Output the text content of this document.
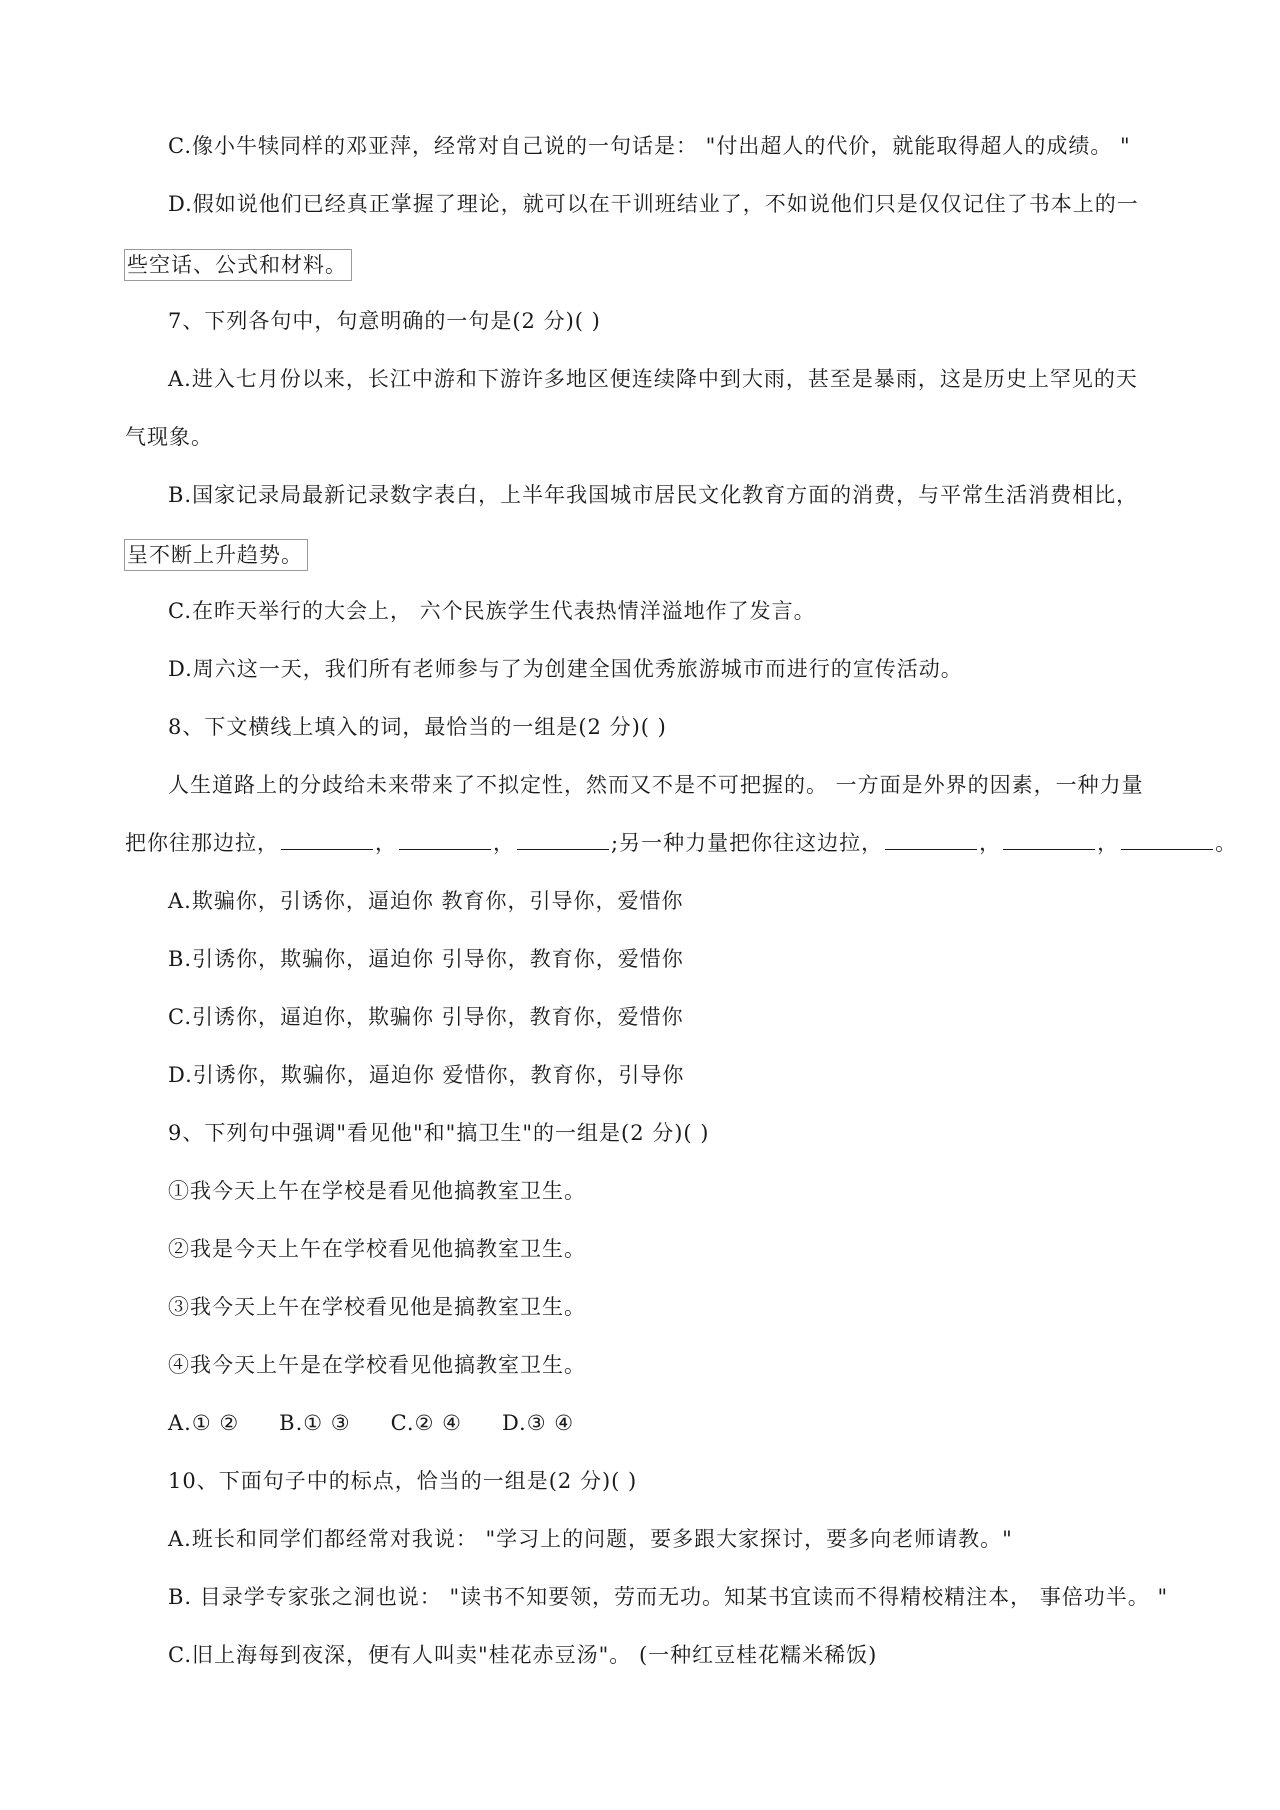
C.像小牛犊同样的邓亚萍，经常对自己说的一句话是： "付出超人的代价，就能取得超人的成绩。 "
D.假如说他们已经真正掌握了理论，就可以在干训班结业了，不如说他们只是仅仅记住了书本上的一
些空话、公式和材料。
7、下列各句中，句意明确的一句是(2 分)( )
A.进入七月份以来，长江中游和下游许多地区便连续降中到大雨，甚至是暴雨，这是历史上罕见的天
气现象。
B.国家记录局最新记录数字表白，上半年我国城市居民文化教育方面的消费，与平常生活消费相比，
呈不断上升趋势。
C.在昨天举行的大会上， 六个民族学生代表热情洋溢地作了发言。
D.周六这一天，我们所有老师参与了为创建全国优秀旅游城市而进行的宣传活动。
8、下文横线上填入的词，最恰当的一组是(2 分)( )
人生道路上的分歧给未来带来了不拟定性，然而又不是不可把握的。 一方面是外界的因素，一种力量
把你往那边拉，	，	，	;另一种力量把你往这边拉，	，	，	。
A.欺骗你，引诱你，逼迫你 教育你，引导你，爱惜你
B.引诱你，欺骗你，逼迫你 引导你，教育你，爱惜你
C.引诱你，逼迫你，欺骗你 引导你，教育你，爱惜你
D.引诱你，欺骗你，逼迫你 爱惜你，教育你，引导你
9、下列句中强调"看见他"和"搞卫生"的一组是(2 分)( )
①我今天上午在学校是看见他搞教室卫生。
②我是今天上午在学校看见他搞教室卫生。
③我今天上午在学校看见他是搞教室卫生。
④我今天上午是在学校看见他搞教室卫生。
A.① ② B.① ③ C.② ④ D.③ ④
10、下面句子中的标点，恰当的一组是(2 分)( )
A.班长和同学们都经常对我说： "学习上的问题，要多跟大家探讨，要多向老师请教。"
B. 目录学专家张之洞也说： "读书不知要领，劳而无功。知某书宜读而不得精校精注本， 事倍功半。 "
C.旧上海每到夜深，便有人叫卖"桂花赤豆汤"。 (一种红豆桂花糯米稀饭)
